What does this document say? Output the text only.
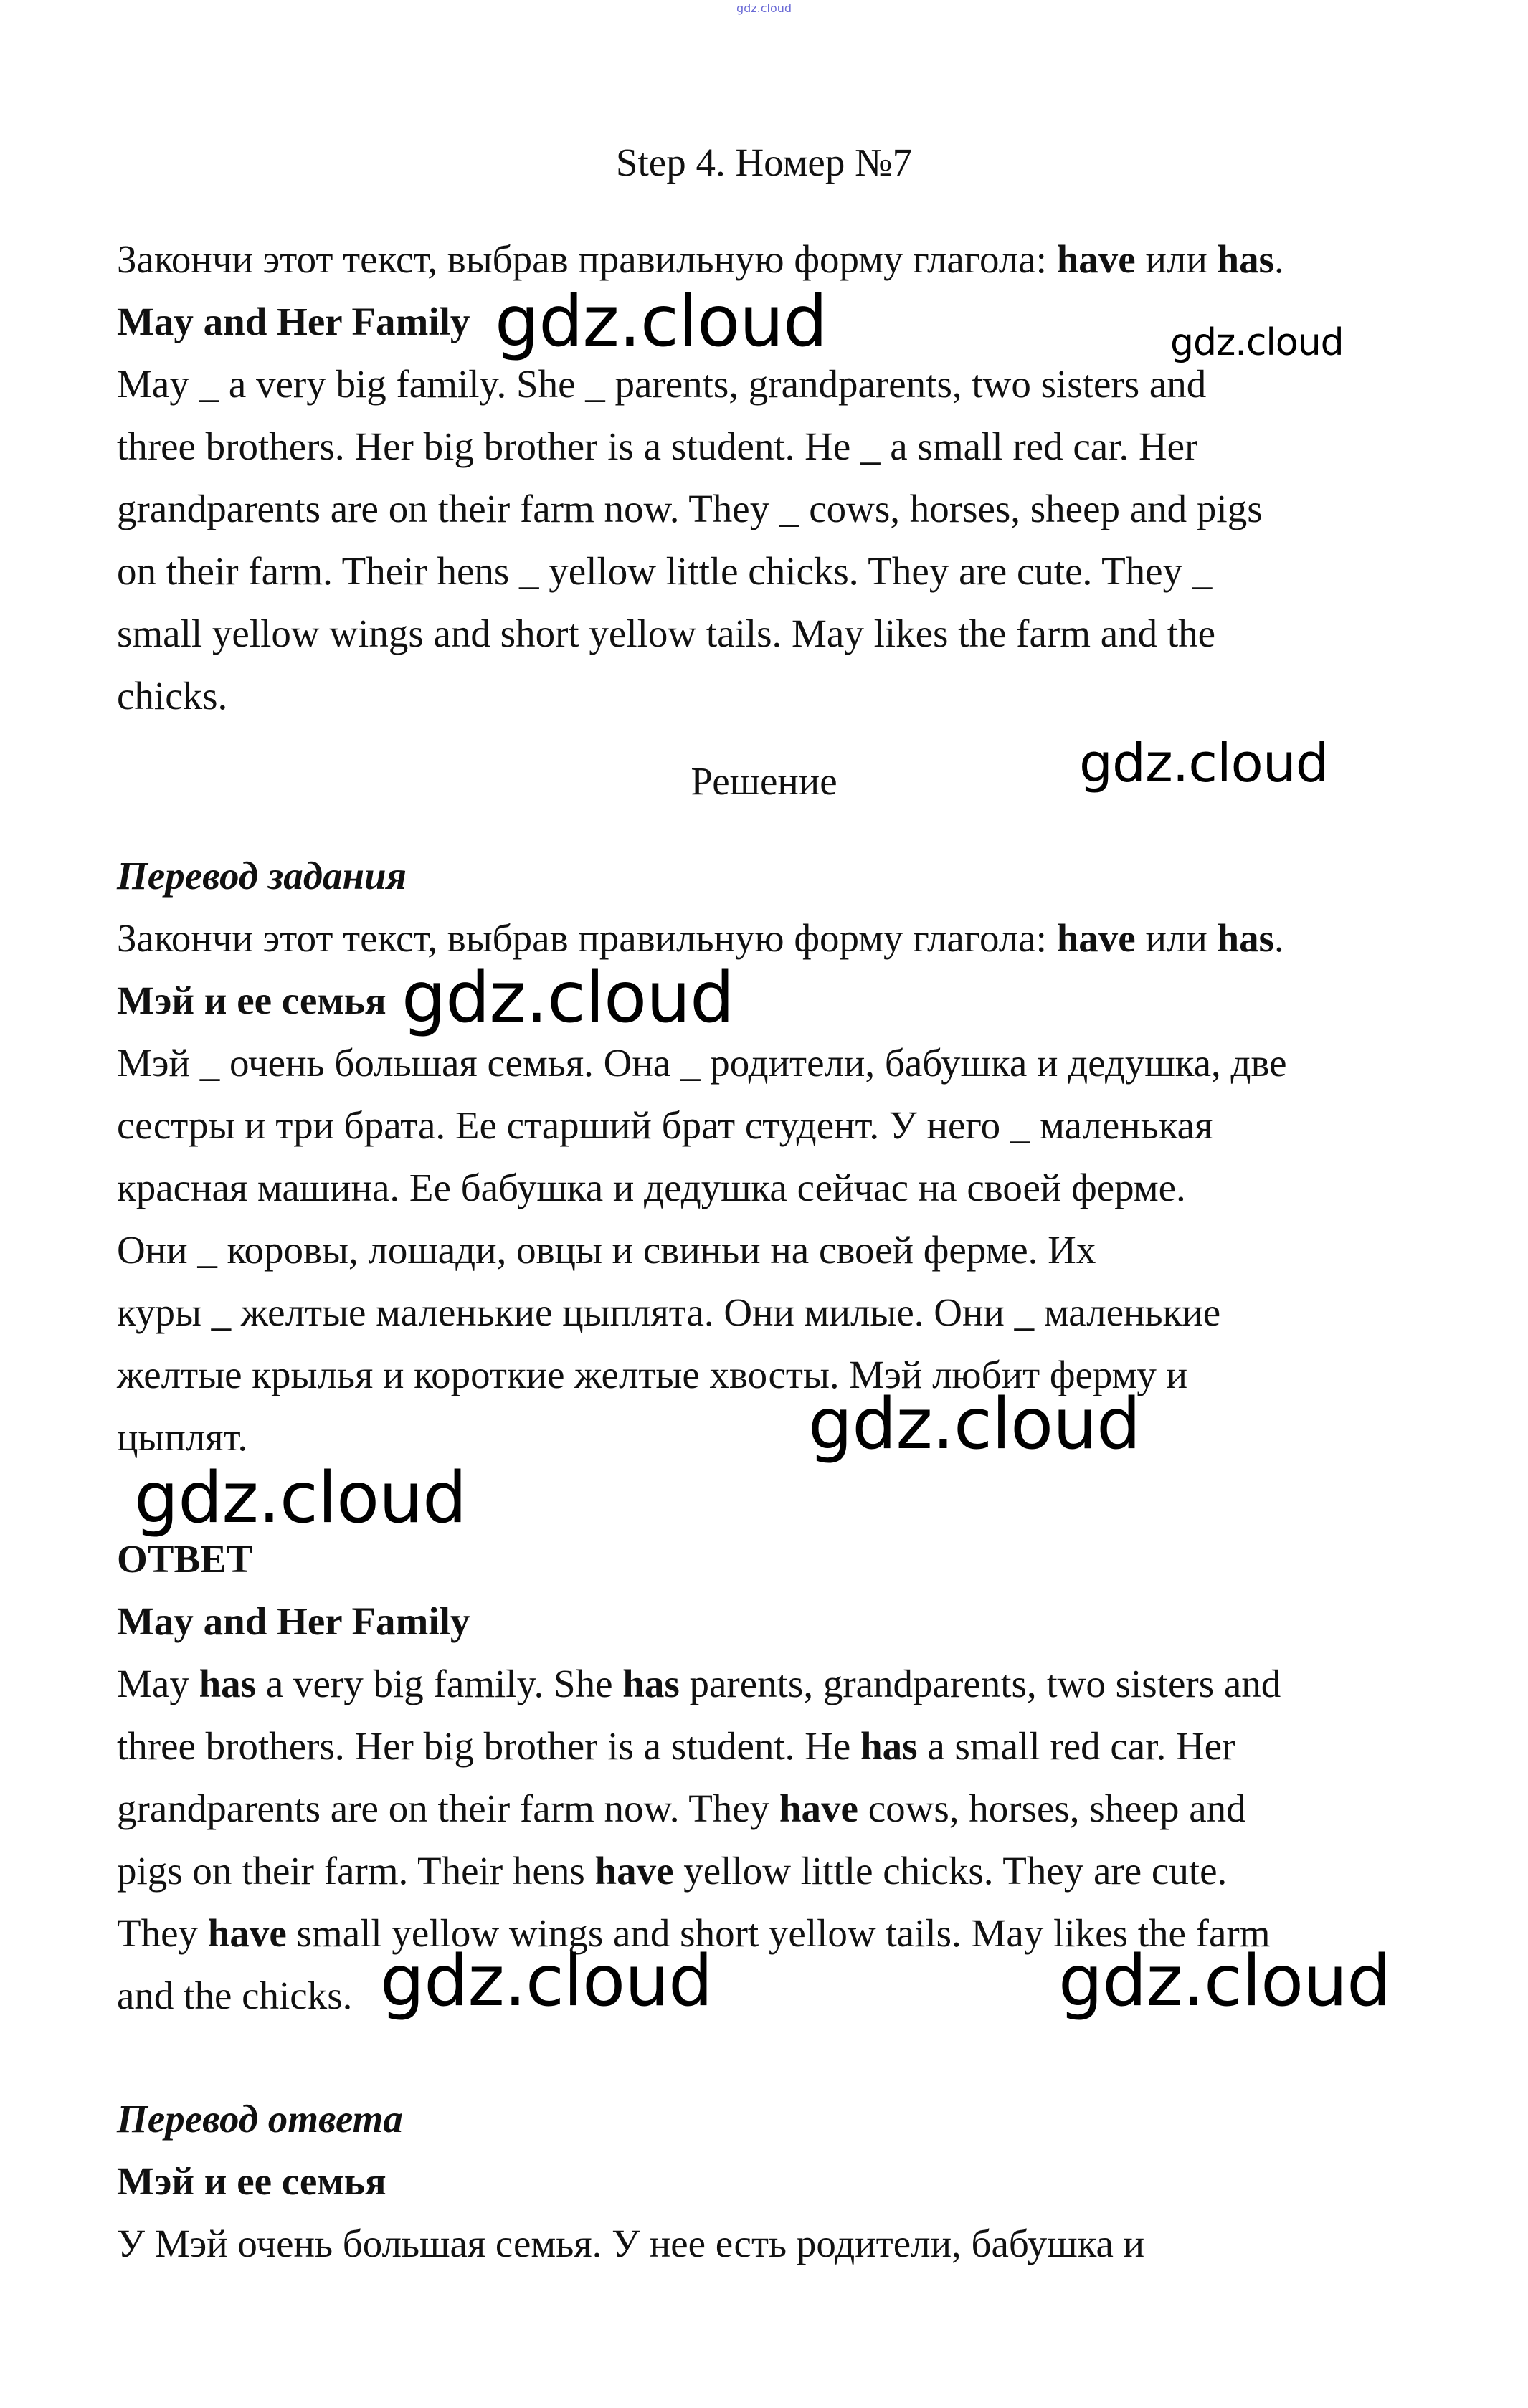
gdz.cloud
Step 4. Номер №7

Закончи этот текст, выбрав правильную форму глагола: have или has.

May and Her Family

May _ a very big family. She _ parents, grandparents, two sisters and
three brothers. Her big brother is a student. He _ a small red car. Her
grandparents are on their farm now. They _ cows, horses, sheep and pigs
on their farm. Their hens _ yellow little chicks. They are cute. They _
small yellow wings and short yellow tails. May likes the farm and the
chicks.

Решение

Перевод задания

Закончи этот текст, выбрав правильную форму глагола: have или has.

Мэй и ее семья

Мэй _ очень большая семья. Она _ родители, бабушка и дедушка, две
сестры и три брата. Ее старший брат студент. У него _ маленькая
красная машина. Ее бабушка и дедушка сейчас на своей ферме.
Они _ коровы, лошади, овцы и свиньи на своей ферме. Их
куры _ желтые маленькие цыплята. Они милые. Они _ маленькие
желтые крылья и короткие желтые хвосты. Мэй любит ферму и
цыплят.

ОТВЕТ

May and Her Family

May has a very big family. She has parents, grandparents, two sisters and
three brothers. Her big brother is a student. He has a small red car. Her
grandparents are on their farm now. They have cows, horses, sheep and
pigs on their farm. Their hens have yellow little chicks. They are cute.
They have small yellow wings and short yellow tails. May likes the farm
and the chicks.

Перевод ответа

Мэй и ее семья

У Мэй очень большая семья. У нее есть родители, бабушка и

gdz.cloud	gdz.cloud
gdz.cloud
gdz.cloud
gdz.cloud
gdz.cloud
gdz.cloud	gdz.cloud
